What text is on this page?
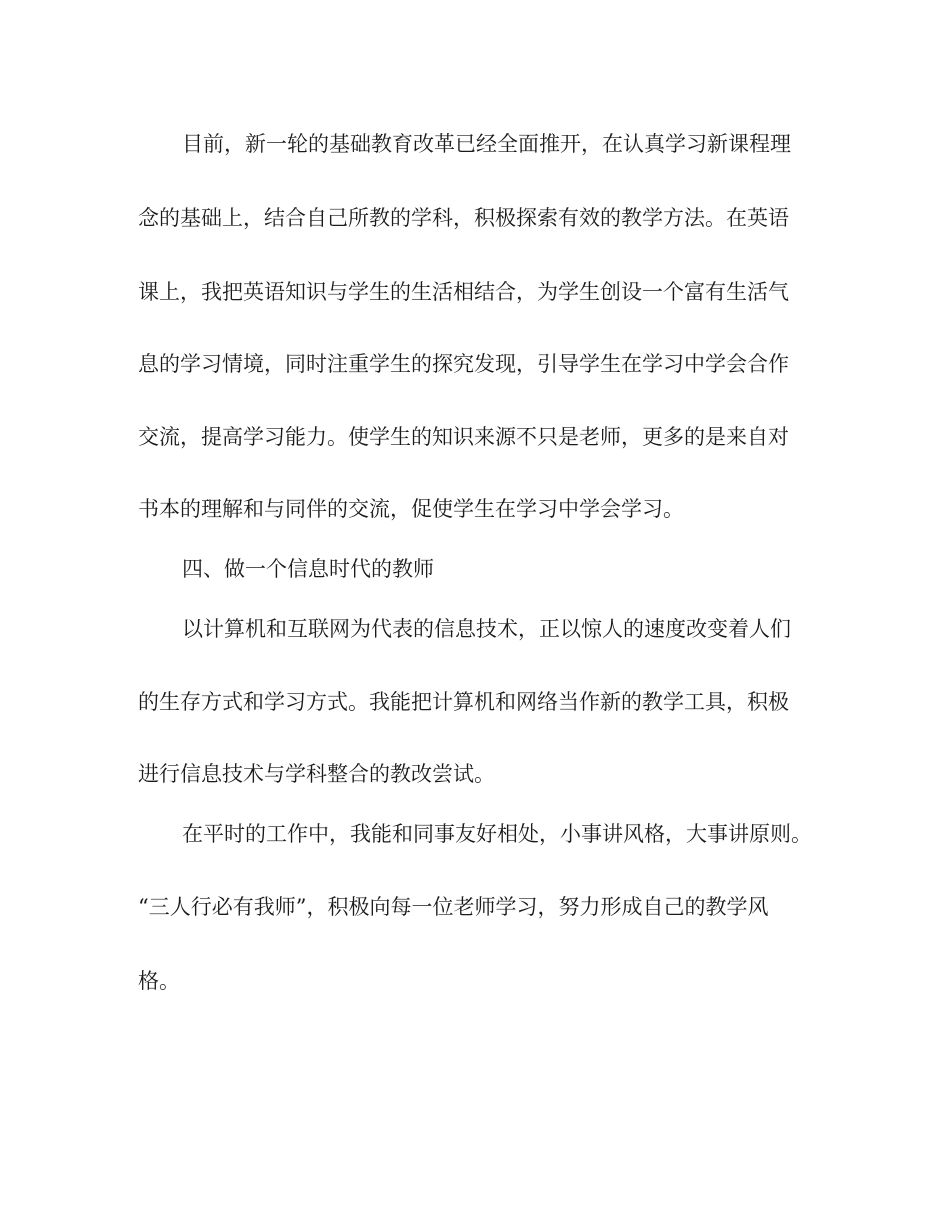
目前，新一轮的基础教育改革已经全面推开，在认真学习新课程理

念的基础上，结合自己所教的学科，积极探索有效的教学方法。在英语

课上，我把英语知识与学生的生活相结合，为学生创设一个富有生活气

息的学习情境，同时注重学生的探究发现，引导学生在学习中学会合作

交流，提高学习能力。使学生的知识来源不只是老师，更多的是来自对

书本的理解和与同伴的交流，促使学生在学习中学会学习。

四、做一个信息时代的教师

以计算机和互联网为代表的信息技术，正以惊人的速度改变着人们

的生存方式和学习方式。我能把计算机和网络当作新的教学工具，积极

进行信息技术与学科整合的教改尝试。

在平时的工作中，我能和同事友好相处，小事讲风格，大事讲原则。

“三人行必有我师”，积极向每一位老师学习，努力形成自己的教学风

格。
